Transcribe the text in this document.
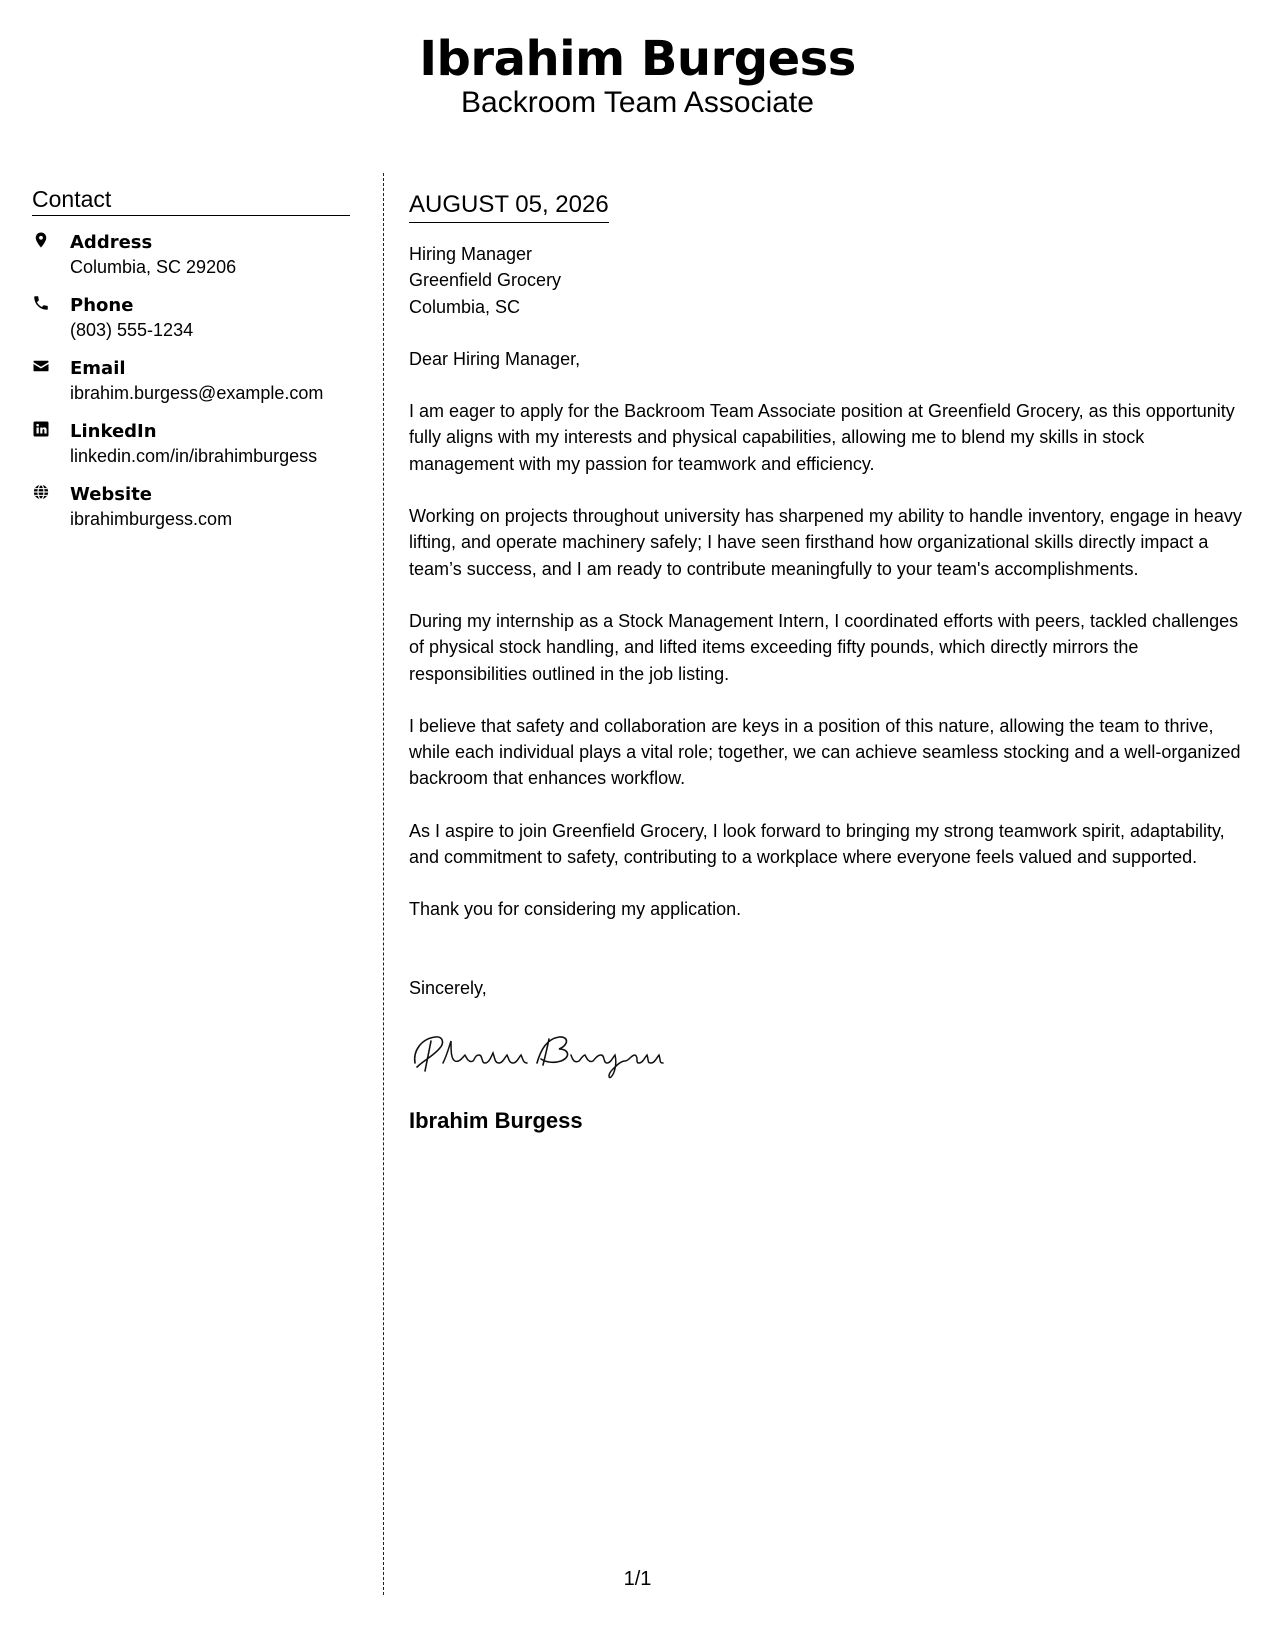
Ibrahim Burgess
Backroom Team Associate
Contact
Address
Columbia, SC 29206
Phone
(803) 555-1234
Email
ibrahim.burgess@example.com
LinkedIn
linkedin.com/in/ibrahimburgess
Website
ibrahimburgess.com
AUGUST 05, 2026
Hiring Manager
Greenfield Grocery
Columbia, SC
Dear Hiring Manager,

I am eager to apply for the Backroom Team Associate position at Greenfield Grocery, as this opportunity fully aligns with my interests and physical capabilities, allowing me to blend my skills in stock management with my passion for teamwork and efficiency.

Working on projects throughout university has sharpened my ability to handle inventory, engage in heavy lifting, and operate machinery safely; I have seen firsthand how organizational skills directly impact a team’s success, and I am ready to contribute meaningfully to your team's accomplishments.

During my internship as a Stock Management Intern, I coordinated efforts with peers, tackled challenges of physical stock handling, and lifted items exceeding fifty pounds, which directly mirrors the responsibilities outlined in the job listing.

I believe that safety and collaboration are keys in a position of this nature, allowing the team to thrive, while each individual plays a vital role; together, we can achieve seamless stocking and a well-organized backroom that enhances workflow.

As I aspire to join Greenfield Grocery, I look forward to bringing my strong teamwork spirit, adaptability, and commitment to safety, contributing to a workplace where everyone feels valued and supported.

Thank you for considering my application.
Sincerely,
Ibrahim Burgess
1/1
